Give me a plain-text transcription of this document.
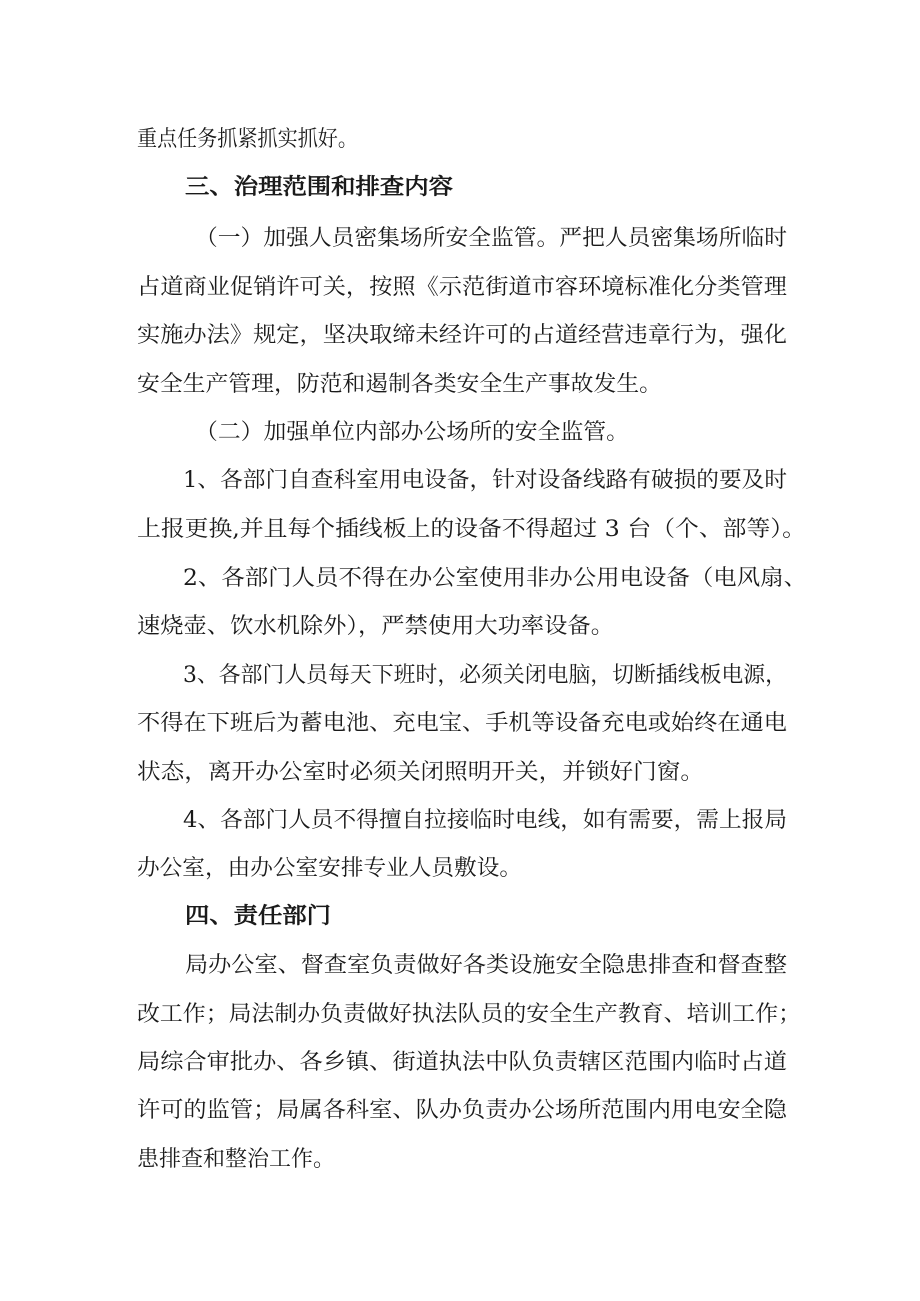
重点任务抓紧抓实抓好。
三、治理范围和排查内容
（一）加强人员密集场所安全监管。严把人员密集场所临时
占道商业促销许可关，按照《示范街道市容环境标准化分类管理
实施办法》规定，坚决取缔未经许可的占道经营违章行为，强化
安全生产管理，防范和遏制各类安全生产事故发生。
（二）加强单位内部办公场所的安全监管。
1、各部门自查科室用电设备，针对设备线路有破损的要及时
上报更换,并且每个插线板上的设备不得超过 3 台（个、部等）。
2、各部门人员不得在办公室使用非办公用电设备（电风扇、
速烧壶、饮水机除外），严禁使用大功率设备。
3、各部门人员每天下班时，必须关闭电脑，切断插线板电源，
不得在下班后为蓄电池、充电宝、手机等设备充电或始终在通电
状态，离开办公室时必须关闭照明开关，并锁好门窗。
4、各部门人员不得擅自拉接临时电线，如有需要，需上报局
办公室，由办公室安排专业人员敷设。
四、责任部门
局办公室、督查室负责做好各类设施安全隐患排查和督查整
改工作；局法制办负责做好执法队员的安全生产教育、培训工作；
局综合审批办、各乡镇、街道执法中队负责辖区范围内临时占道
许可的监管；局属各科室、队办负责办公场所范围内用电安全隐
患排查和整治工作。
